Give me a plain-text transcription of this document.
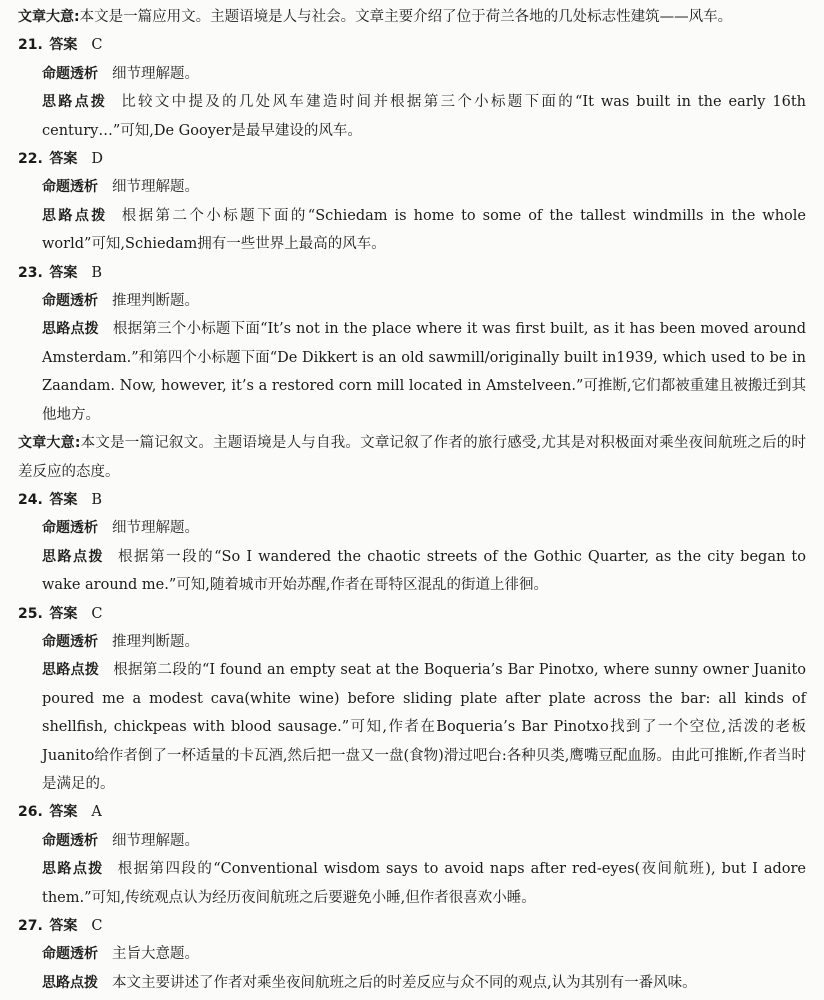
文章大意:本文是一篇应用文。主题语境是人与社会。文章主要介绍了位于荷兰各地的几处标志性建筑——风车。

21. 答案 C

命题透析 细节理解题。

思路点拨 比较文中提及的几处风车建造时间并根据第三个小标题下面的“It was built in the early 16th century…”可知,De Gooyer是最早建设的风车。

22. 答案 D

命题透析 细节理解题。

思路点拨 根据第二个小标题下面的“Schiedam is home to some of the tallest windmills in the whole world”可知,Schiedam拥有一些世界上最高的风车。

23. 答案 B

命题透析 推理判断题。

思路点拨 根据第三个小标题下面“It’s not in the place where it was first built, as it has been moved around Amsterdam.”和第四个小标题下面“De Dikkert is an old sawmill/originally built in1939, which used to be in Zaandam. Now, however, it’s a restored corn mill located in Amstelveen.”可推断,它们都被重建且被搬迁到其他地方。

文章大意:本文是一篇记叙文。主题语境是人与自我。文章记叙了作者的旅行感受,尤其是对积极面对乘坐夜间航班之后的时差反应的态度。

24. 答案 B

命题透析 细节理解题。

思路点拨 根据第一段的“So I wandered the chaotic streets of the Gothic Quarter, as the city began to wake around me.”可知,随着城市开始苏醒,作者在哥特区混乱的街道上徘徊。

25. 答案 C

命题透析 推理判断题。

思路点拨 根据第二段的“I found an empty seat at the Boqueria’s Bar Pinotxo, where sunny owner Juanito poured me a modest cava(white wine) before sliding plate after plate across the bar: all kinds of shellfish, chickpeas with blood sausage.”可知,作者在Boqueria’s Bar Pinotxo找到了一个空位,活泼的老板Juanito给作者倒了一杯适量的卡瓦酒,然后把一盘又一盘(食物)滑过吧台:各种贝类,鹰嘴豆配血肠。由此可推断,作者当时是满足的。

26. 答案 A

命题透析 细节理解题。

思路点拨 根据第四段的“Conventional wisdom says to avoid naps after red-eyes(夜间航班), but I adore them.”可知,传统观点认为经历夜间航班之后要避免小睡,但作者很喜欢小睡。

27. 答案 C

命题透析 主旨大意题。

思路点拨 本文主要讲述了作者对乘坐夜间航班之后的时差反应与众不同的观点,认为其别有一番风味。
